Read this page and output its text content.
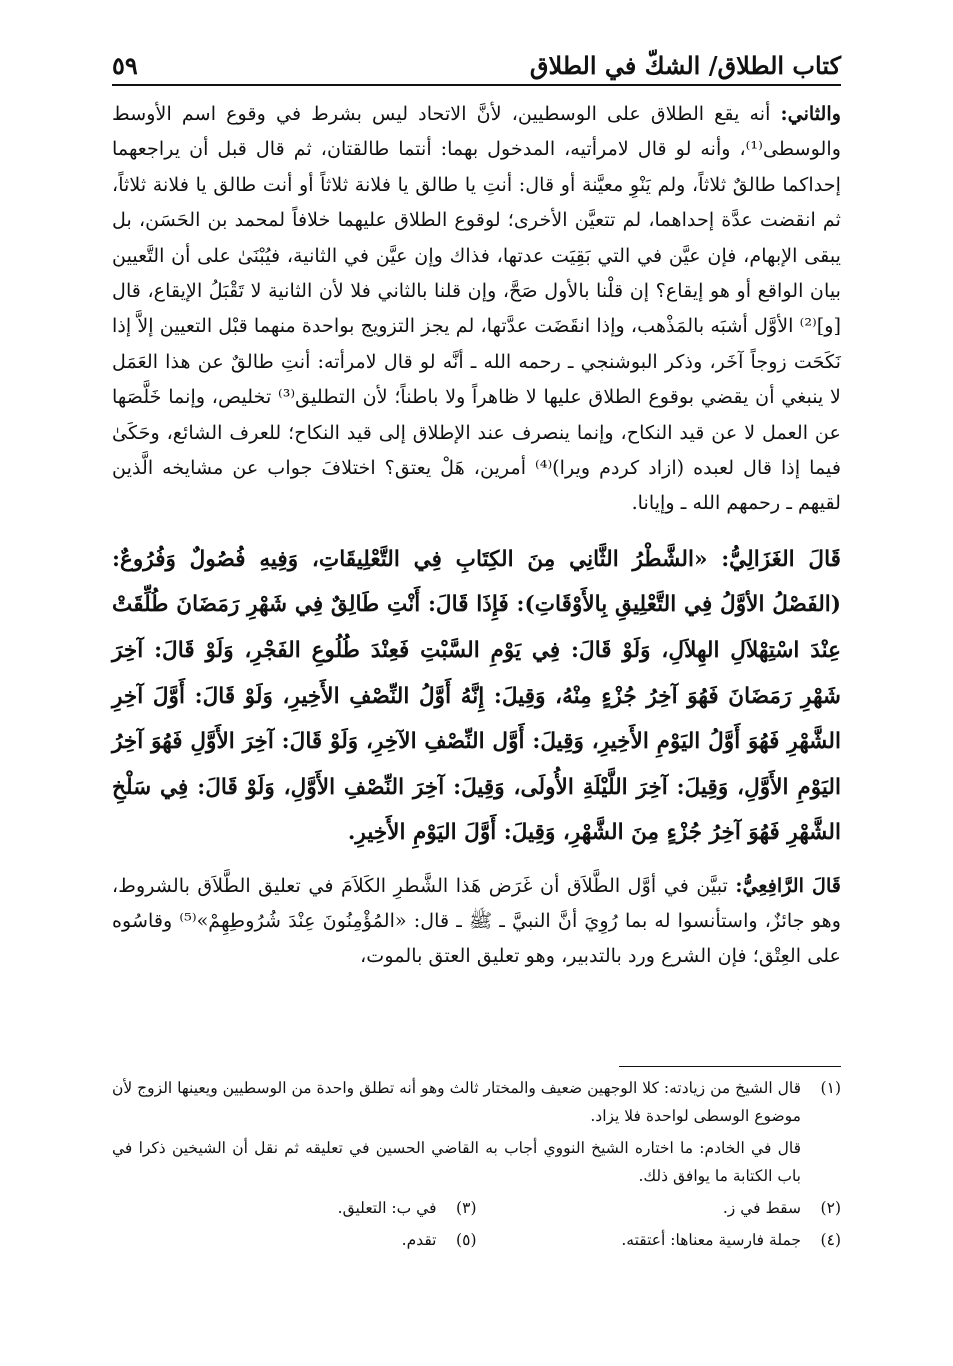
كتاب الطلاق/ الشكّ في الطلاق
٥٩

والثاني: أنه يقع الطلاق على الوسطيين، لأنَّ الاتحاد ليس بشرط في وقوع اسم الأوسط والوسطى⁽¹⁾، وأنه لو قال لامرأتيه، المدخول بهما: أنتما طالقتان، ثم قال قبل أن يراجعهما إحداكما طالقٌ ثلاثاً، ولم يَنْوِ معيَّنة أو قال: أنتِ يا طالق يا فلانة ثلاثاً أو أنت طالق يا فلانة ثلاثاً، ثم انقضت عدَّة إحداهما، لم تتعيَّن الأخرى؛ لوقوع الطلاق عليهما خلافاً لمحمد بن الحَسَن، بل يبقى الإبهام، فإن عيَّن في التي بَقِيَت عدتها، فذاك وإن عيَّن في الثانية، فيُبْنَىٰ على أن التَّعيين بيان الواقع أو هو إيقاع؟ إن قلْنا بالأول صَحَّ، وإن قلنا بالثاني فلا لأن الثانية لا تَقْبَلُ الإيقاع، قال [و]⁽²⁾ الأوَّل أشبَه بالمَذْهب، وإذا انقَضَت عدَّتها، لم يجز التزويج بواحدة منهما قبْل التعيين إلاَّ إذا نَكَحَت زوجاً آخَر، وذكر البوشنجي ـ رحمه الله ـ أنَّه لو قال لامرأته: أنتِ طالقٌ عن هذا العَمَل لا ينبغي أن يقضي بوقوع الطلاق عليها لا ظاهراً ولا باطناً؛ لأن التطليق⁽³⁾ تخليص، وإنما خَلَّصَها عن العمل لا عن قيد النكاح، وإنما ينصرف عند الإطلاق إلى قيد النكاح؛ للعرف الشائع، وحَكَىٰ فيما إذا قال لعبده (ازاد كردم ويرا)⁽⁴⁾ أمرين، هَلْ يعتق؟ اختلافَ جواب عن مشايخه الَّذين لقيهم ـ رحمهم الله ـ وإيانا.

قَالَ الغَزَالِيُّ: «الشَّطْرُ الثَّانِي مِنَ الكِتَابِ فِي التَّعْلِيقَاتِ، وَفِيهِ فُصُولٌ وَفُرُوعٌ: (الفَصْلُ الأوَّلُ فِي التَّعْلِيقِ بِالأَوْقَاتِ): فَإِذَا قَالَ: أَنْتِ طَالِقٌ فِي شَهْرِ رَمَضَانَ طُلِّقَتْ عِنْدَ اسْتِهْلاَلِ الهِلاَلِ، وَلَوْ قَالَ: فِي يَوْمِ السَّبْتِ فَعِنْدَ طُلُوعِ الفَجْرِ، وَلَوْ قَالَ: آخِرَ شَهْرِ رَمَضَانَ فَهُوَ آخِرُ جُزْءٍ مِنْهُ، وَقِيلَ: إِنَّهُ أَوَّلُ النِّصْفِ الأَخِيرِ، وَلَوْ قَالَ: أَوَّلَ آخِرِ الشَّهْرِ فَهُوَ أَوَّلُ اليَوْمِ الأَخِيرِ، وَقِيلَ: أَوَّل النِّصْفِ الآخِرِ، وَلَوْ قَالَ: آخِرَ الأَوَّلِ فَهُوَ آخِرُ اليَوْمِ الأَوَّلِ، وَقِيلَ: آخِرَ اللَّيْلَةِ الأُولَى، وَقِيلَ: آخِرَ النِّصْفِ الأَوَّلِ، وَلَوْ قَالَ: فِي سَلْخِ الشَّهْرِ فَهُوَ آخِرُ جُزْءٍ مِنَ الشَّهْرِ، وَقِيلَ: أَوَّلَ اليَوْمِ الأَخِيرِ.

قَالَ الرَّافِعِيُّ: تبيَّن في أوَّل الطَّلاَق أن غَرَض هَذا الشَّطرِ الكَلاَمَ في تعليق الطَّلاَق بالشروط، وهو جائزٌ، واستأنسوا له بما رُوِيَ أنَّ النبيَّ ـ ﷺ ـ قال: «المُؤْمِنُونَ عِنْدَ شُرُوطِهِمْ»⁽⁵⁾ وقاسُوه على العِتْق؛ فإن الشرع ورد بالتدبير، وهو تعليق العتق بالموت،

(١)
قال الشيخ من زيادته: كلا الوجهين ضعيف والمختار ثالث وهو أنه تطلق واحدة من الوسطيين ويعينها الزوج لأن موضوع الوسطى لواحدة فلا يزاد.
قال في الخادم: ما اختاره الشيخ النووي أجاب به القاضي الحسين في تعليقه ثم نقل أن الشيخين ذكرا في باب الكتابة ما يوافق ذلك.
(٢)
سقط في ز.
(٣)
في ب: التعليق.
(٤)
جملة فارسية معناها: أعتقته.
(٥)
تقدم.
